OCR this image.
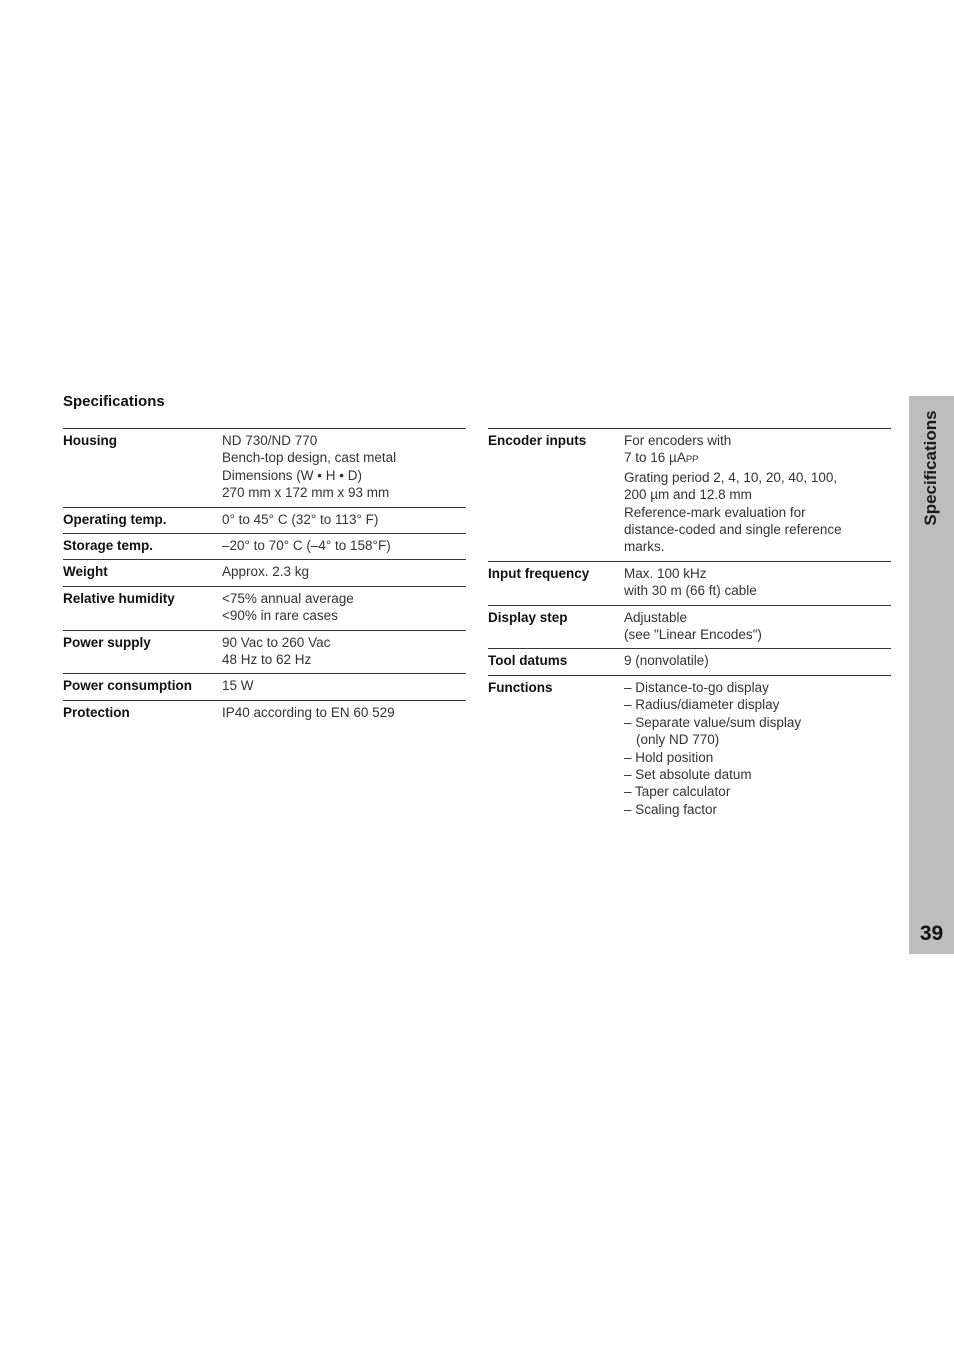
Specifications
Housing	ND 730/ND 770
Bench-top design, cast metal
Dimensions (W • H • D)
270 mm x 172 mm x 93 mm
Operating temp.	0° to 45° C (32° to 113° F)
Storage temp.	–20° to 70° C (–4° to 158°F)
Weight	Approx. 2.3 kg
Relative humidity	<75% annual average
<90% in rare cases
Power supply	90 Vac to 260 Vac
48 Hz to 62 Hz
Power consumption	15 W
Protection	IP40 according to EN 60 529
Encoder inputs	For encoders with
7 to 16 µAPP
Grating period 2, 4, 10, 20, 40, 100,
200 µm and 12.8 mm
Reference-mark evaluation for
distance-coded and single reference
marks.
Input frequency	Max. 100 kHz
with 30 m (66 ft) cable
Display step	Adjustable
(see "Linear Encodes")
Tool datums	9 (nonvolatile)
Functions	– Distance-to-go display
– Radius/diameter display
– Separate value/sum display
(only ND 770)
– Hold position
– Set absolute datum
– Taper calculator
– Scaling factor
Specifications
39
